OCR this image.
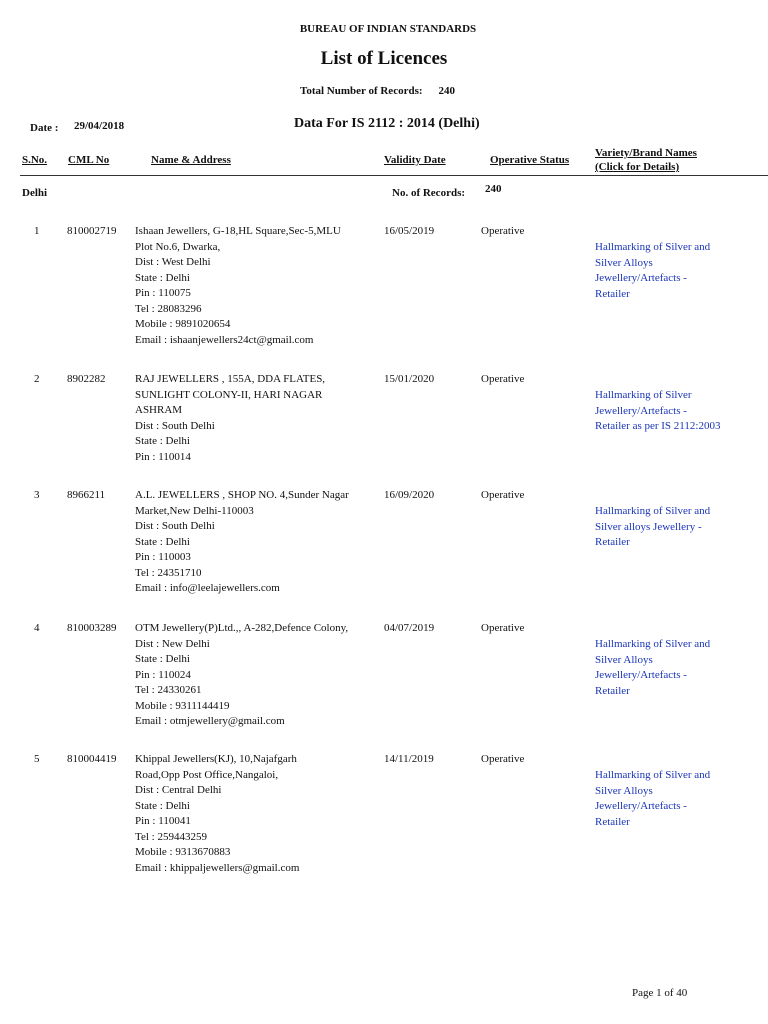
BUREAU OF INDIAN STANDARDS
List of Licences
Total Number of Records: 240
Date : 29/04/2018	Data For IS 2112 : 2014 (Delhi)
S.No. CML No	Name & Address	Validity Date	Operative Status
Variety/Brand Names
(Click for Details)
Delhi	No. of Records: 240
1	810002719 Ishaan Jewellers, G-18,HL Square,Sec-5,MLU
Plot No.6, Dwarka,
Dist : West Delhi
State : Delhi
Pin : 110075
Tel : 28083296
Mobile : 9891020654
Email : ishaanjewellers24ct@gmail.com
16/05/2019	Operative
Hallmarking of Silver and
Silver Alloys
Jewellery/Artefacts -
Retailer
2	8902282	RAJ JEWELLERS , 155A, DDA FLATES,
SUNLIGHT COLONY-II, HARI NAGAR
ASHRAM
Dist : South Delhi
State : Delhi
Pin : 110014
15/01/2020	Operative
Hallmarking of Silver
Jewellery/Artefacts -
Retailer as per IS 2112:2003
3	8966211	A.L. JEWELLERS , SHOP NO. 4,Sunder Nagar
Market,New Delhi-110003
Dist : South Delhi
State : Delhi
Pin : 110003
Tel : 24351710
Email : info@leelajewellers.com
16/09/2020	Operative
Hallmarking of Silver and
Silver alloys Jewellery -
Retailer
4	810003289 OTM Jewellery(P)Ltd.,, A-282,Defence Colony,
Dist : New Delhi
State : Delhi
Pin : 110024
Tel : 24330261
Mobile : 9311144419
Email : otmjewellery@gmail.com
04/07/2019	Operative
Hallmarking of Silver and
Silver Alloys
Jewellery/Artefacts -
Retailer
5	810004419 Khippal Jewellers(KJ), 10,Najafgarh
Road,Opp Post Office,Nangaloi,
Dist : Central Delhi
State : Delhi
Pin : 110041
Tel : 259443259
Mobile : 9313670883
Email : khippaljewellers@gmail.com
14/11/2019	Operative
Hallmarking of Silver and
Silver Alloys
Jewellery/Artefacts -
Retailer
Page 1 of 40
